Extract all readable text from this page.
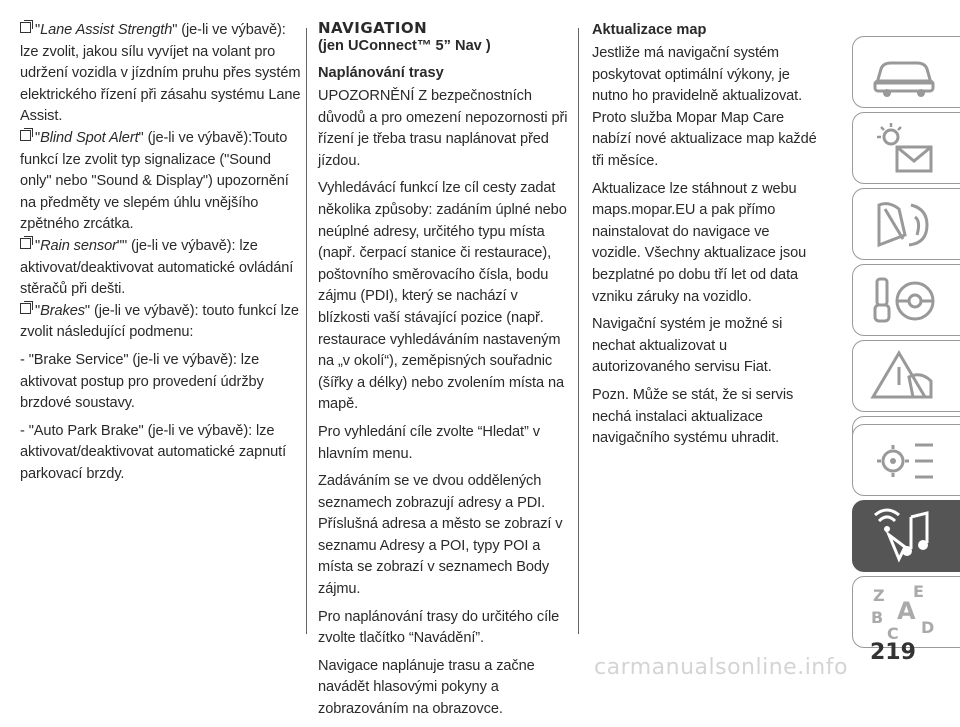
"Lane Assist Strength" (je-li ve výbavě): lze zvolit, jakou sílu vyvíjet na volant pro udržení vozidla v jízdním pruhu přes systém elektrického řízení při zásahu systému Lane Assist.

"Blind Spot Alert" (je-li ve výbavě):Touto funkcí lze zvolit typ signalizace ("Sound only" nebo "Sound & Display") upozornění na předměty ve slepém úhlu vnějšího zpětného zrcátka.

"Rain sensor"" (je-li ve výbavě): lze aktivovat/deaktivovat automatické ovládání stěračů při dešti.

"Brakes" (je-li ve výbavě): touto funkcí lze zvolit následující podmenu:

- "Brake Service" (je-li ve výbavě): lze aktivovat postup pro provedení údržby brzdové soustavy.

- "Auto Park Brake" (je-li ve výbavě): lze aktivovat/deaktivovat automatické zapnutí parkovací brzdy.

NAVIGATION

(jen UConnect™ 5” Nav )

Naplánování trasy

UPOZORNĚNÍ Z bezpečnostních důvodů a pro omezení nepozornosti při řízení je třeba trasu naplánovat před jízdou.

Vyhledávácí funkcí lze cíl cesty zadat několika způsoby: zadáním úplné nebo neúplné adresy, určitého typu místa (např. čerpací stanice či restaurace), poštovního směrovacího čísla, bodu zájmu (PDI), který se nachází v blízkosti vaší stávající pozice (např. restaurace vyhledáváním nastaveným na „v okolí“), zeměpisných souřadnic (šířky a délky) nebo zvolením místa na mapě.

Pro vyhledání cíle zvolte “Hledat” v hlavním menu.

Zadáváním se ve dvou oddělených seznamech zobrazují adresy a PDI. Příslušná adresa a město se zobrazí v seznamu Adresy a POI, typy POI a místa se zobrazí v seznamech Body zájmu.

Pro naplánování trasy do určitého cíle zvolte tlačítko “Navádění”.

Navigace naplánuje trasu a začne navádět hlasovými pokyny a zobrazováním na obrazovce.

Aktualizace map

Jestliže má navigační systém poskytovat optimální výkony, je nutno ho pravidelně aktualizovat. Proto služba Mopar Map Care nabízí nové aktualizace map každé tři měsíce.

Aktualizace lze stáhnout z webu maps.mopar.EU a pak přímo nainstalovat do navigace ve vozidle. Všechny aktualizace jsou bezplatné po dobu tří let od data vzniku záruky na vozidlo.

Navigační systém je možné si nechat aktualizovat u autorizovaného servisu Fiat.

Pozn. Může se stát, že si servis nechá instalaci aktualizace navigačního systému uhradit.

Z E
A
B
C D
219
carmanualsonline.info
